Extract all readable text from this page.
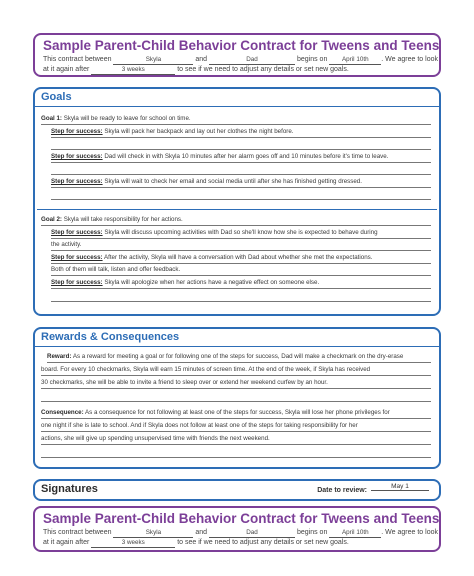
Sample Parent-Child Behavior Contract for Tweens and Teens
This contract between	Skyla	and	Dad	begins on April 10th . We agree to look
at it again after	3 weeks	to see if we need to adjust any details or set new goals.
Goals
Goal 1: Skyla will be ready to leave for school on time.
Step for success: Skyla will pack her backpack and lay out her clothes the night before.
Step for success: Dad will check in with Skyla 10 minutes after her alarm goes off and 10 minutes before it's time to leave.
Step for success: Skyla will wait to check her email and social media until after she has finished getting dressed.
Goal 2: Skyla will take responsibility for her actions.
Step for success: Skyla will discuss upcoming activities with Dad so she'll know how she is expected to behave during
the activity.
Step for success: After the activity, Skyla will have a conversation with Dad about whether she met the expectations.
Both of them will talk, listen and offer feedback.
Step for success: Skyla will apologize when her actions have a negative effect on someone else.
Rewards & Consequences
Reward: As a reward for meeting a goal or for following one of the steps for success, Dad will make a checkmark on the dry-erase
board. For every 10 checkmarks, Skyla will earn 15 minutes of screen time. At the end of the week, if Skyla has received
30 checkmarks, she will be able to invite a friend to sleep over or extend her weekend curfew by an hour.
Consequence: As a consequence for not following at least one of the steps for success, Skyla will lose her phone privileges for
one night if she is late to school. And if Skyla does not follow at least one of the steps for taking responsibility for her
actions, she will give up spending unsupervised time with friends the next weekend.
Signatures	Date to review:
May 1
Sample Parent-Child Behavior Contract for Tweens and Teens
This contract between	Skyla	and	Dad	begins on April 10th . We agree to look
at it again after	3 weeks	to see if we need to adjust any details or set new goals.
